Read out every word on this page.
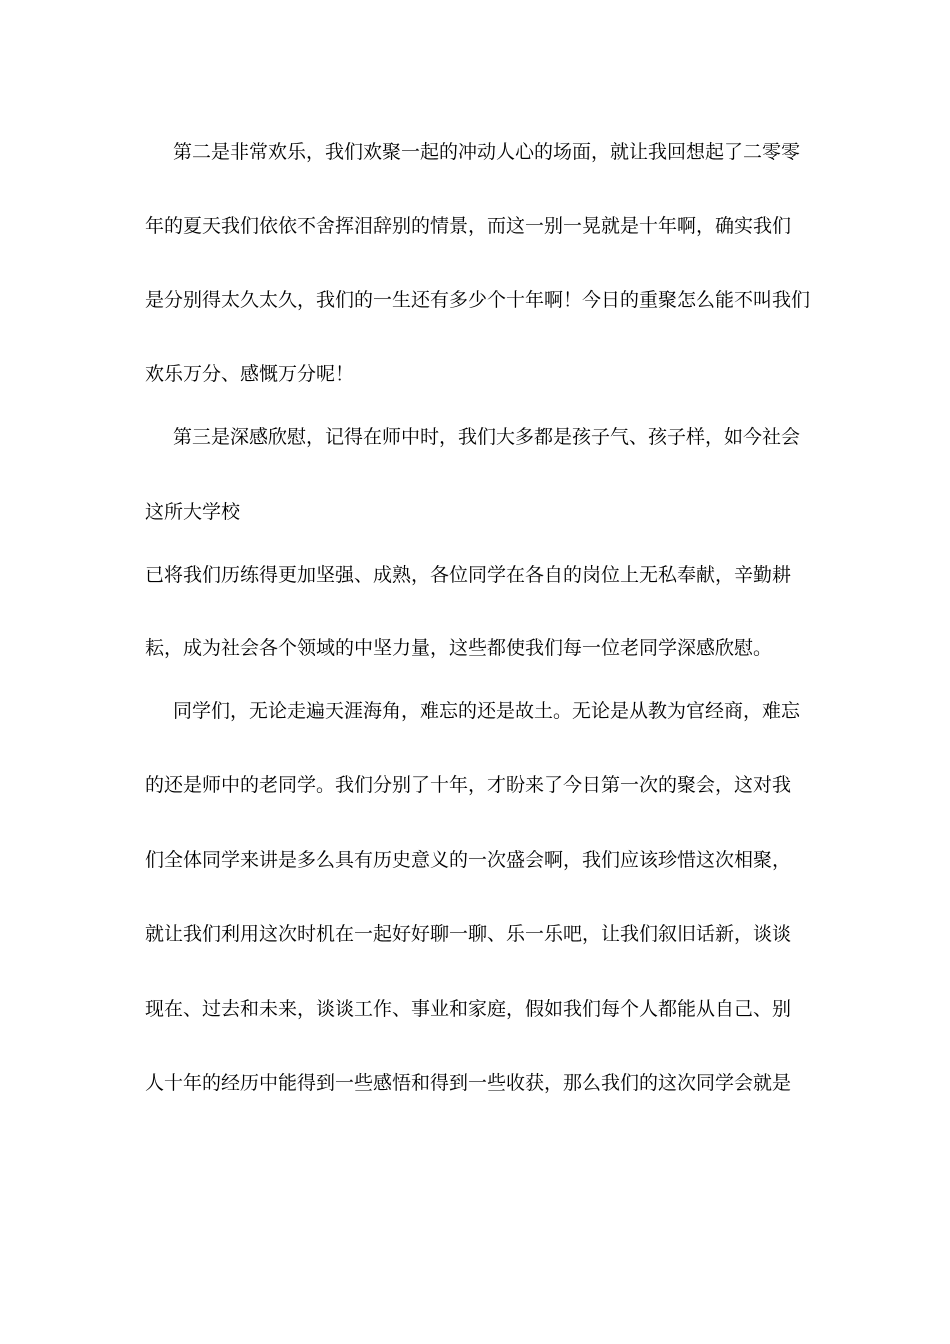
第二是非常欢乐，我们欢聚一起的冲动人心的场面，就让我回想起了二零零
年的夏天我们依依不舍挥泪辞别的情景，而这一别一晃就是十年啊，确实我们
是分别得太久太久，我们的一生还有多少个十年啊！今日的重聚怎么能不叫我们
欢乐万分、感慨万分呢！
第三是深感欣慰，记得在师中时，我们大多都是孩子气、孩子样，如今社会
这所大学校
已将我们历练得更加坚强、成熟，各位同学在各自的岗位上无私奉献，辛勤耕
耘，成为社会各个领域的中坚力量，这些都使我们每一位老同学深感欣慰。
同学们，无论走遍天涯海角，难忘的还是故土。无论是从教为官经商，难忘
的还是师中的老同学。我们分别了十年，才盼来了今日第一次的聚会，这对我
们全体同学来讲是多么具有历史意义的一次盛会啊，我们应该珍惜这次相聚，
就让我们利用这次时机在一起好好聊一聊、乐一乐吧，让我们叙旧话新，谈谈
现在、过去和未来，谈谈工作、事业和家庭，假如我们每个人都能从自己、别
人十年的经历中能得到一些感悟和得到一些收获，那么我们的这次同学会就是
